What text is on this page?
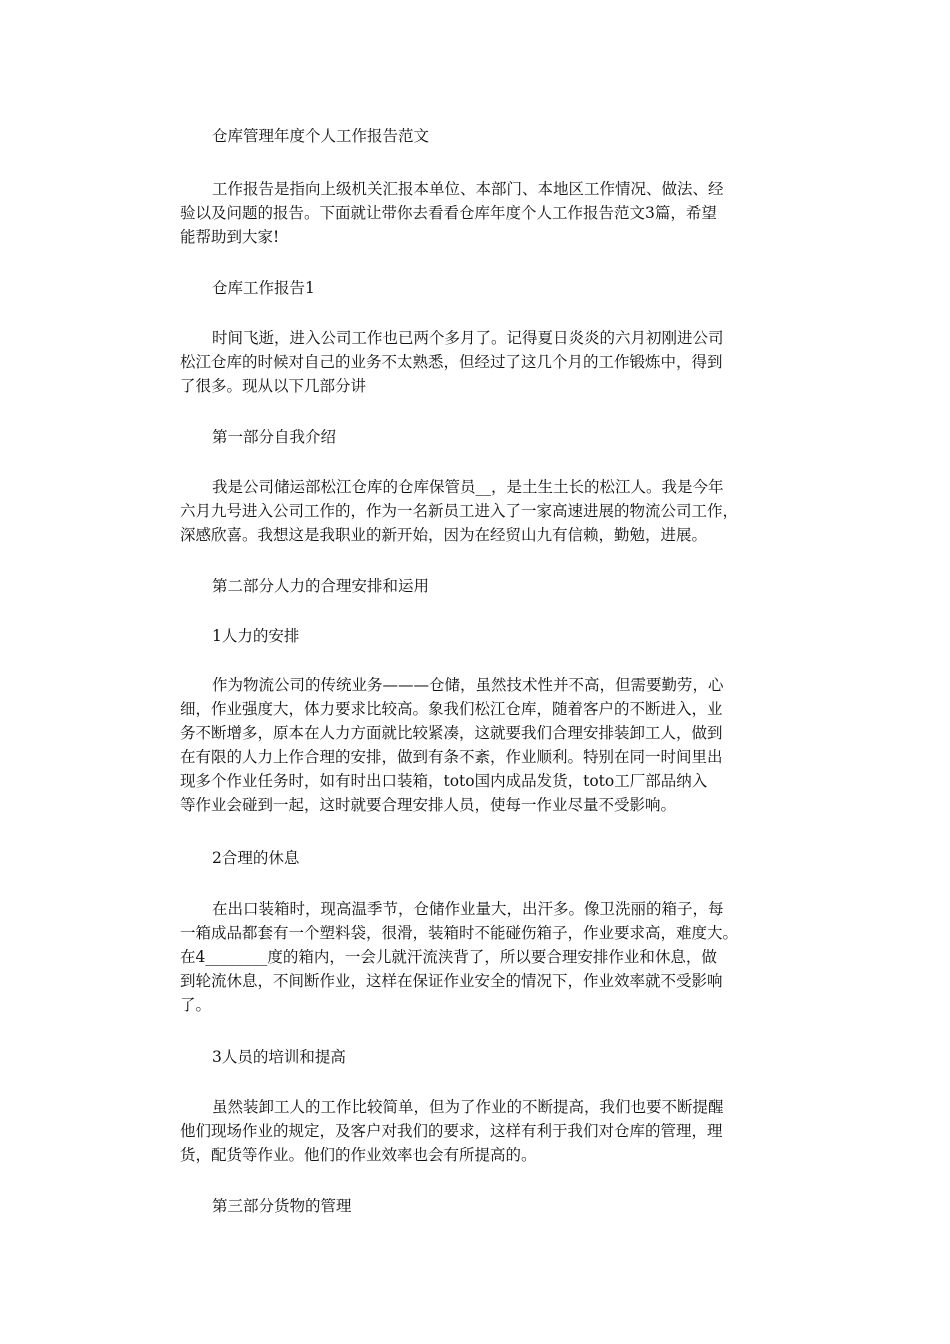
仓库管理年度个人工作报告范文
工作报告是指向上级机关汇报本单位、本部门、本地区工作情况、做法、经
验以及问题的报告。下面就让带你去看看仓库年度个人工作报告范文3篇，希望
能帮助到大家!
仓库工作报告1
时间飞逝，进入公司工作也已两个多月了。记得夏日炎炎的六月初刚进公司
松江仓库的时候对自己的业务不太熟悉，但经过了这几个月的工作锻炼中，得到
了很多。现从以下几部分讲
第一部分自我介绍
我是公司储运部松江仓库的仓库保管员__，是土生土长的松江人。我是今年
六月九号进入公司工作的，作为一名新员工进入了一家高速进展的物流公司工作，
深感欣喜。我想这是我职业的新开始，因为在经贸山九有信赖，勤勉，进展。
第二部分人力的合理安排和运用
1人力的安排
作为物流公司的传统业务———仓储，虽然技术性并不高，但需要勤劳，心
细，作业强度大，体力要求比较高。象我们松江仓库，随着客户的不断进入，业
务不断增多，原本在人力方面就比较紧凑，这就要我们合理安排装卸工人，做到
在有限的人力上作合理的安排，做到有条不紊，作业顺利。特别在同一时间里出
现多个作业任务时，如有时出口装箱，toto国内成品发货，toto工厂部品纳入
等作业会碰到一起，这时就要合理安排人员，使每一作业尽量不受影响。
2合理的休息
在出口装箱时，现高温季节，仓储作业量大，出汗多。像卫洗丽的箱子，每
一箱成品都套有一个塑料袋，很滑，装箱时不能碰伤箱子，作业要求高，难度大。
在4________度的箱内，一会儿就汗流浃背了，所以要合理安排作业和休息，做
到轮流休息，不间断作业，这样在保证作业安全的情况下，作业效率就不受影响
了。
3人员的培训和提高
虽然装卸工人的工作比较简单，但为了作业的不断提高，我们也要不断提醒
他们现场作业的规定，及客户对我们的要求，这样有利于我们对仓库的管理，理
货，配货等作业。他们的作业效率也会有所提高的。
第三部分货物的管理
